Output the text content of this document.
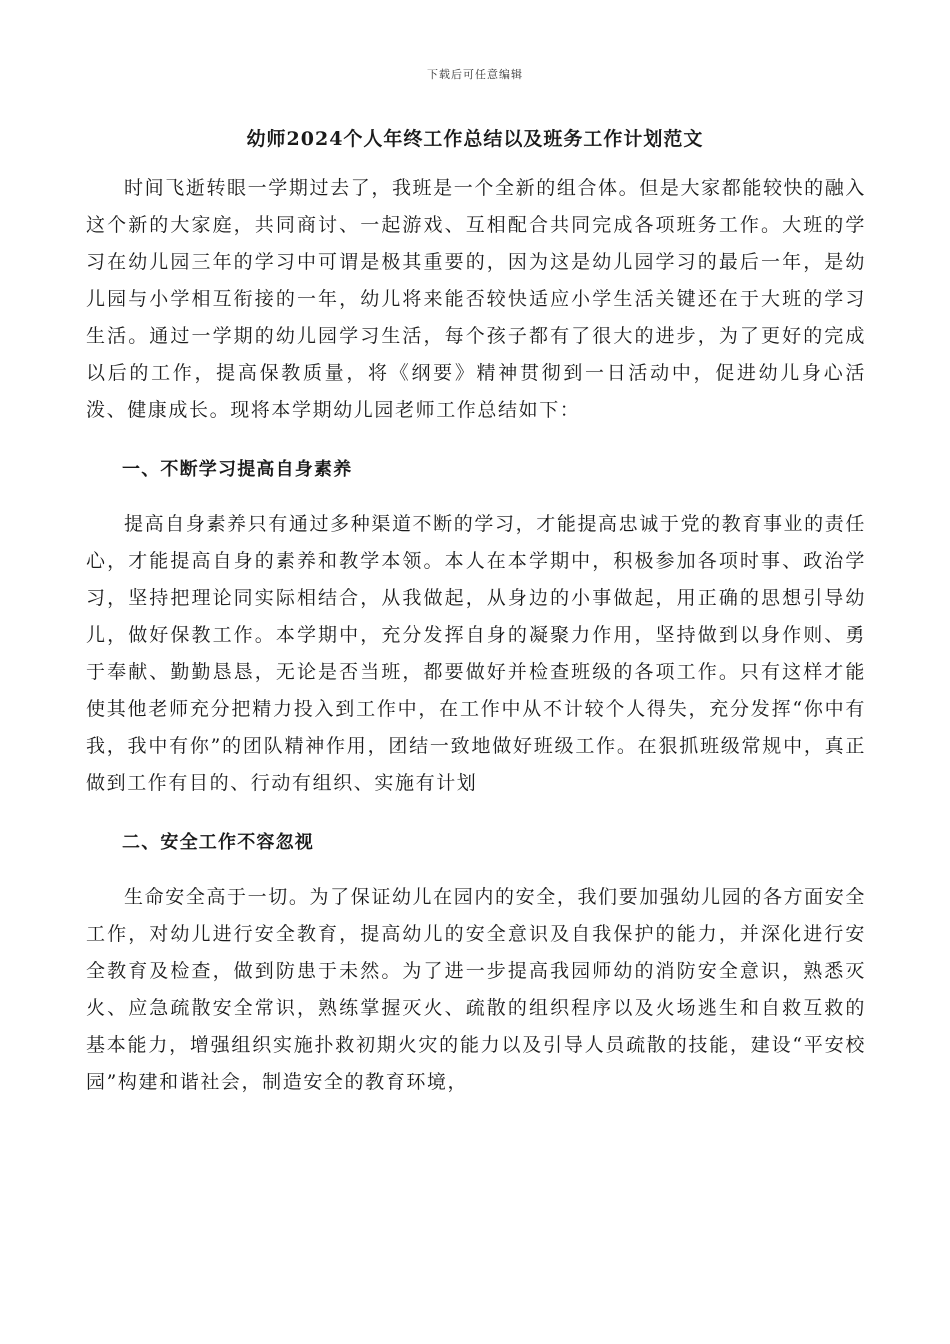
下载后可任意编辑
幼师2024个人年终工作总结以及班务工作计划范文

时间飞逝转眼一学期过去了，我班是一个全新的组合体。但是大家都能较快的融入这个新的大家庭，共同商讨、一起游戏、互相配合共同完成各项班务工作。大班的学习在幼儿园三年的学习中可谓是极其重要的，因为这是幼儿园学习的最后一年，是幼儿园与小学相互衔接的一年，幼儿将来能否较快适应小学生活关键还在于大班的学习生活。通过一学期的幼儿园学习生活，每个孩子都有了很大的进步，为了更好的完成以后的工作，提高保教质量，将《纲要》精神贯彻到一日活动中，促进幼儿身心活泼、健康成长。现将本学期幼儿园老师工作总结如下：

一、不断学习提高自身素养

提高自身素养只有通过多种渠道不断的学习，才能提高忠诚于党的教育事业的责任心，才能提高自身的素养和教学本领。本人在本学期中，积极参加各项时事、政治学习，坚持把理论同实际相结合，从我做起，从身边的小事做起，用正确的思想引导幼儿，做好保教工作。本学期中，充分发挥自身的凝聚力作用，坚持做到以身作则、勇于奉献、勤勤恳恳，无论是否当班，都要做好并检查班级的各项工作。只有这样才能使其他老师充分把精力投入到工作中，在工作中从不计较个人得失，充分发挥“你中有我，我中有你”的团队精神作用，团结一致地做好班级工作。在狠抓班级常规中，真正做到工作有目的、行动有组织、实施有计划

二、安全工作不容忽视

生命安全高于一切。为了保证幼儿在园内的安全，我们要加强幼儿园的各方面安全工作，对幼儿进行安全教育，提高幼儿的安全意识及自我保护的能力，并深化进行安全教育及检查，做到防患于未然。为了进一步提高我园师幼的消防安全意识，熟悉灭火、应急疏散安全常识，熟练掌握灭火、疏散的组织程序以及火场逃生和自救互救的基本能力，增强组织实施扑救初期火灾的能力以及引导人员疏散的技能，建设“平安校园”构建和谐社会，制造安全的教育环境，
